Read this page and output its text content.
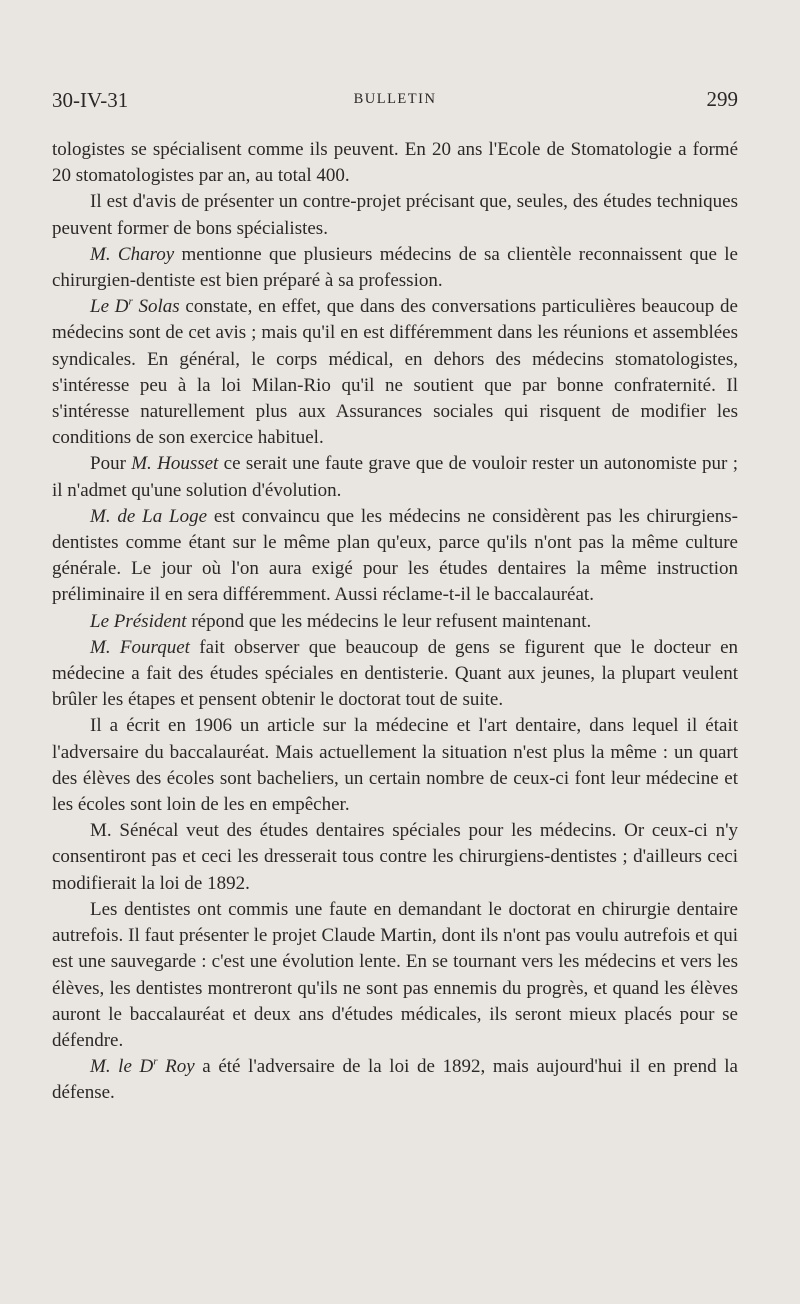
30-IV-31	BULLETIN	299

tologistes se spécialisent comme ils peuvent. En 20 ans l'Ecole de Stomatologie a formé 20 stomatologistes par an, au total 400.

Il est d'avis de présenter un contre-projet précisant que, seules, des études techniques peuvent former de bons spécialistes.

M. Charoy mentionne que plusieurs médecins de sa clientèle reconnaissent que le chirurgien-dentiste est bien préparé à sa profession.

Le $D^r$ Solas constate, en effet, que dans des conversations particulières beaucoup de médecins sont de cet avis ; mais qu'il en est différemment dans les réunions et assemblées syndicales. En général, le corps médical, en dehors des médecins stomatologistes, s'intéresse peu à la loi Milan-Rio qu'il ne soutient que par bonne confraternité. Il s'intéresse naturellement plus aux Assurances sociales qui risquent de modifier les conditions de son exercice habituel.

Pour M. Housset ce serait une faute grave que de vouloir rester un autonomiste pur ; il n'admet qu'une solution d'évolution.

M. de La Loge est convaincu que les médecins ne considèrent pas les chirurgiens-dentistes comme étant sur le même plan qu'eux, parce qu'ils n'ont pas la même culture générale. Le jour où l'on aura exigé pour les études dentaires la même instruction préliminaire il en sera différemment. Aussi réclame-t-il le baccalauréat.

Le Président répond que les médecins le leur refusent maintenant.

M. Fourquet fait observer que beaucoup de gens se figurent que le docteur en médecine a fait des études spéciales en dentisterie. Quant aux jeunes, la plupart veulent brûler les étapes et pensent obtenir le doctorat tout de suite.

Il a écrit en 1906 un article sur la médecine et l'art dentaire, dans lequel il était l'adversaire du baccalauréat. Mais actuellement la situation n'est plus la même : un quart des élèves des écoles sont bacheliers, un certain nombre de ceux-ci font leur médecine et les écoles sont loin de les en empêcher.

M. Sénécal veut des études dentaires spéciales pour les médecins. Or ceux-ci n'y consentiront pas et ceci les dresserait tous contre les chirurgiens-dentistes ; d'ailleurs ceci modifierait la loi de 1892.

Les dentistes ont commis une faute en demandant le doctorat en chirurgie dentaire autrefois. Il faut présenter le projet Claude Martin, dont ils n'ont pas voulu autrefois et qui est une sauvegarde : c'est une évolution lente. En se tournant vers les médecins et vers les élèves, les dentistes montreront qu'ils ne sont pas ennemis du progrès, et quand les élèves auront le baccalauréat et deux ans d'études médicales, ils seront mieux placés pour se défendre.

M. le $D^r$ Roy a été l'adversaire de la loi de 1892, mais aujourd'hui il en prend la défense.
